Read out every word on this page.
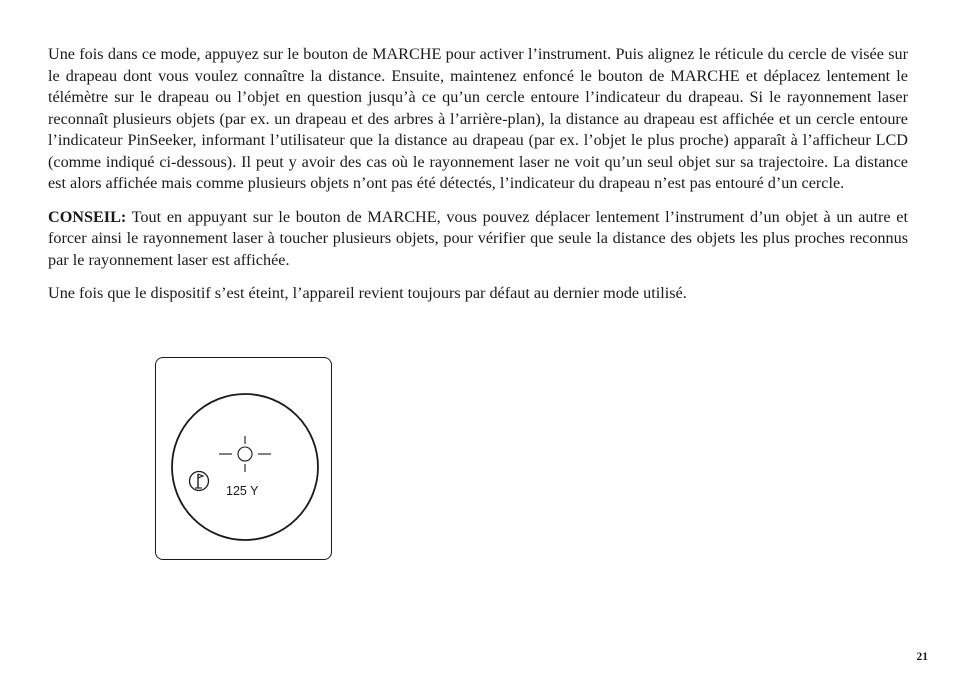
Une fois dans ce mode, appuyez sur le bouton de MARCHE pour activer l’instrument. Puis alignez le réticule du cercle de visée sur le drapeau dont vous voulez connaître la distance. Ensuite, maintenez enfoncé le bouton de MARCHE et déplacez lentement le télémètre sur le drapeau ou l’objet en question jusqu’à ce qu’un cercle entoure l’indicateur du drapeau. Si le rayonnement laser reconnaît plusieurs objets (par ex. un drapeau et des arbres à l’arrière-plan), la distance au drapeau est affichée et un cercle entoure l’indicateur PinSeeker, informant l’utilisateur que la distance au drapeau (par ex. l’objet le plus proche) apparaît à l’afficheur LCD (comme indiqué ci-dessous). Il peut y avoir des cas où le rayonnement laser ne voit qu’un seul objet sur sa trajectoire. La distance est alors affichée mais comme plusieurs objets n’ont pas été détectés, l’indicateur du drapeau n’est pas entouré d’un cercle.

CONSEIL: Tout en appuyant sur le bouton de MARCHE, vous pouvez déplacer lentement l’instrument d’un objet à un autre et forcer ainsi le rayonnement laser à toucher plusieurs objets, pour vérifier que seule la distance des objets les plus proches reconnus par le rayonnement laser est affichée.

Une fois que le dispositif s’est éteint, l’appareil revient toujours par défaut au dernier mode utilisé.

125 Y
21
